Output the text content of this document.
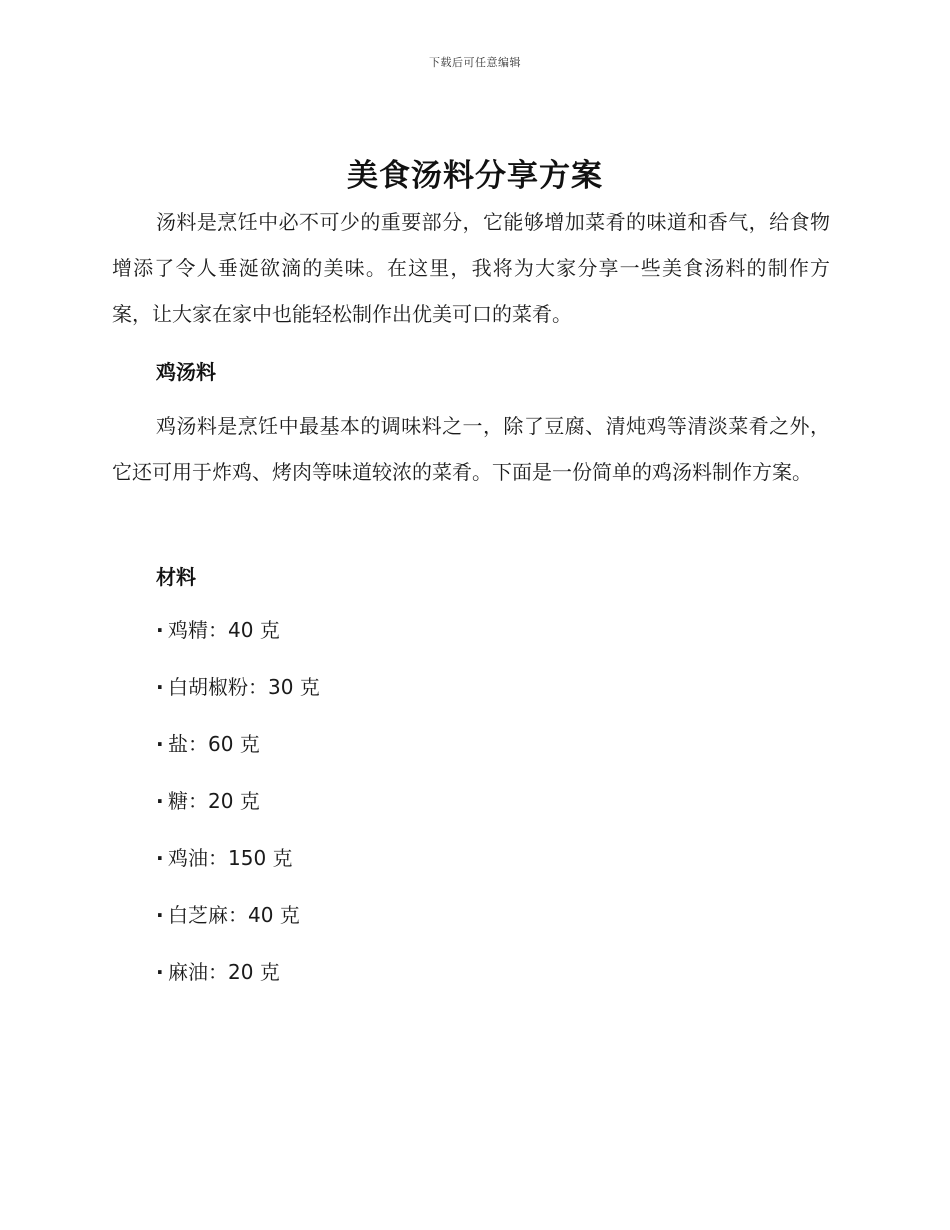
下载后可任意编辑
美食汤料分享方案

汤料是烹饪中必不可少的重要部分，它能够增加菜肴的味道和香气，给食物增添了令人垂涎欲滴的美味。在这里，我将为大家分享一些美食汤料的制作方案，让大家在家中也能轻松制作出优美可口的菜肴。

鸡汤料

鸡汤料是烹饪中最基本的调味料之一，除了豆腐、清炖鸡等清淡菜肴之外，它还可用于炸鸡、烤肉等味道较浓的菜肴。下面是一份简单的鸡汤料制作方案。

材料
· 鸡精：40 克
· 白胡椒粉：30 克
· 盐：60 克
· 糖：20 克
· 鸡油：150 克
· 白芝麻：40 克
· 麻油：20 克
